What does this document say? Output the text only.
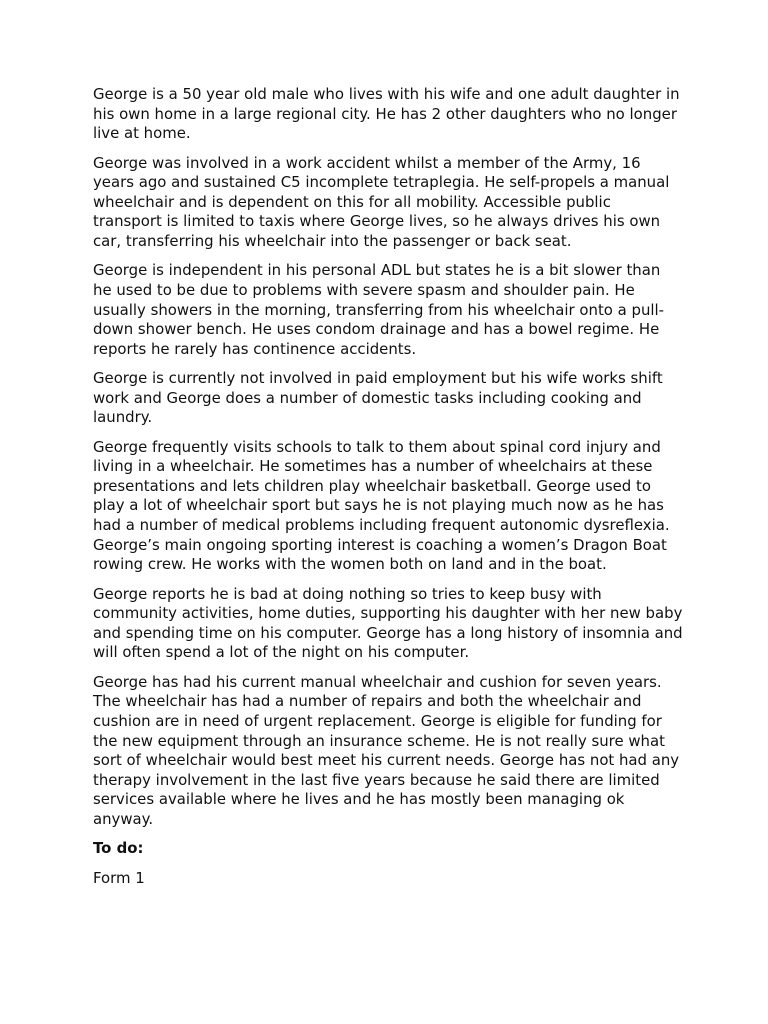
George is a 50 year old male who lives with his wife and one adult daughter in his own home in a large regional city. He has 2 other daughters who no longer live at home.

George was involved in a work accident whilst a member of the Army, 16 years ago and sustained C5 incomplete tetraplegia. He self-propels a manual wheelchair and is dependent on this for all mobility. Accessible public transport is limited to taxis where George lives, so he always drives his own car, transferring his wheelchair into the passenger or back seat.

George is independent in his personal ADL but states he is a bit slower than he used to be due to problems with severe spasm and shoulder pain. He usually showers in the morning, transferring from his wheelchair onto a pull-down shower bench. He uses condom drainage and has a bowel regime. He reports he rarely has continence accidents.

George is currently not involved in paid employment but his wife works shift work and George does a number of domestic tasks including cooking and laundry.

George frequently visits schools to talk to them about spinal cord injury and living in a wheelchair. He sometimes has a number of wheelchairs at these presentations and lets children play wheelchair basketball. George used to play a lot of wheelchair sport but says he is not playing much now as he has had a number of medical problems including frequent autonomic dysreflexia. George’s main ongoing sporting interest is coaching a women’s Dragon Boat rowing crew. He works with the women both on land and in the boat.

George reports he is bad at doing nothing so tries to keep busy with community activities, home duties, supporting his daughter with her new baby and spending time on his computer. George has a long history of insomnia and will often spend a lot of the night on his computer.

George has had his current manual wheelchair and cushion for seven years. The wheelchair has had a number of repairs and both the wheelchair and cushion are in need of urgent replacement. George is eligible for funding for the new equipment through an insurance scheme. He is not really sure what sort of wheelchair would best meet his current needs. George has not had any therapy involvement in the last five years because he said there are limited services available where he lives and he has mostly been managing ok anyway.

To do:

Form 1
